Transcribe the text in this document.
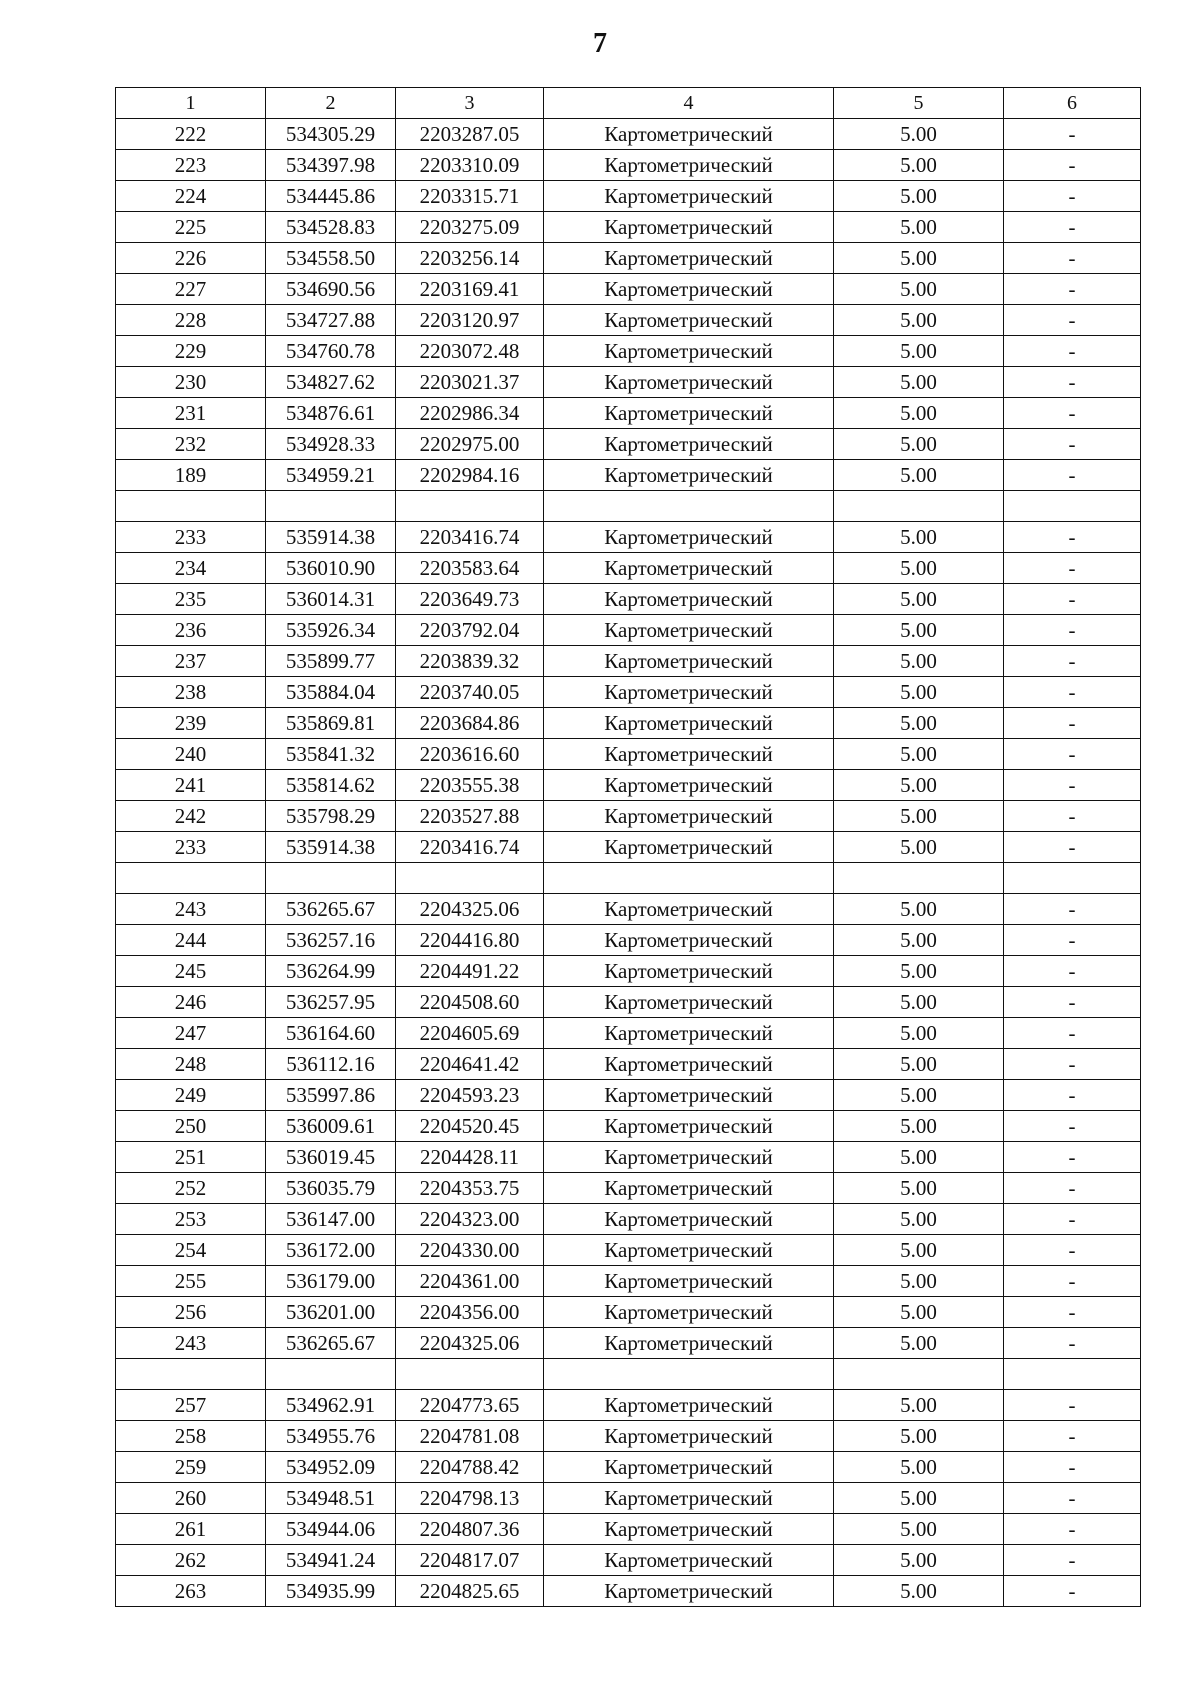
7
1	2	3	4	5	6
222	534305.29	2203287.05	Картометрический	5.00	-
223	534397.98	2203310.09	Картометрический	5.00	-
224	534445.86	2203315.71	Картометрический	5.00	-
225	534528.83	2203275.09	Картометрический	5.00	-
226	534558.50	2203256.14	Картометрический	5.00	-
227	534690.56	2203169.41	Картометрический	5.00	-
228	534727.88	2203120.97	Картометрический	5.00	-
229	534760.78	2203072.48	Картометрический	5.00	-
230	534827.62	2203021.37	Картометрический	5.00	-
231	534876.61	2202986.34	Картометрический	5.00	-
232	534928.33	2202975.00	Картометрический	5.00	-
189	534959.21	2202984.16	Картометрический	5.00	-

233	535914.38	2203416.74	Картометрический	5.00	-
234	536010.90	2203583.64	Картометрический	5.00	-
235	536014.31	2203649.73	Картометрический	5.00	-
236	535926.34	2203792.04	Картометрический	5.00	-
237	535899.77	2203839.32	Картометрический	5.00	-
238	535884.04	2203740.05	Картометрический	5.00	-
239	535869.81	2203684.86	Картометрический	5.00	-
240	535841.32	2203616.60	Картометрический	5.00	-
241	535814.62	2203555.38	Картометрический	5.00	-
242	535798.29	2203527.88	Картометрический	5.00	-
233	535914.38	2203416.74	Картометрический	5.00	-

243	536265.67	2204325.06	Картометрический	5.00	-
244	536257.16	2204416.80	Картометрический	5.00	-
245	536264.99	2204491.22	Картометрический	5.00	-
246	536257.95	2204508.60	Картометрический	5.00	-
247	536164.60	2204605.69	Картометрический	5.00	-
248	536112.16	2204641.42	Картометрический	5.00	-
249	535997.86	2204593.23	Картометрический	5.00	-
250	536009.61	2204520.45	Картометрический	5.00	-
251	536019.45	2204428.11	Картометрический	5.00	-
252	536035.79	2204353.75	Картометрический	5.00	-
253	536147.00	2204323.00	Картометрический	5.00	-
254	536172.00	2204330.00	Картометрический	5.00	-
255	536179.00	2204361.00	Картометрический	5.00	-
256	536201.00	2204356.00	Картометрический	5.00	-
243	536265.67	2204325.06	Картометрический	5.00	-

257	534962.91	2204773.65	Картометрический	5.00	-
258	534955.76	2204781.08	Картометрический	5.00	-
259	534952.09	2204788.42	Картометрический	5.00	-
260	534948.51	2204798.13	Картометрический	5.00	-
261	534944.06	2204807.36	Картометрический	5.00	-
262	534941.24	2204817.07	Картометрический	5.00	-
263	534935.99	2204825.65	Картометрический	5.00	-
